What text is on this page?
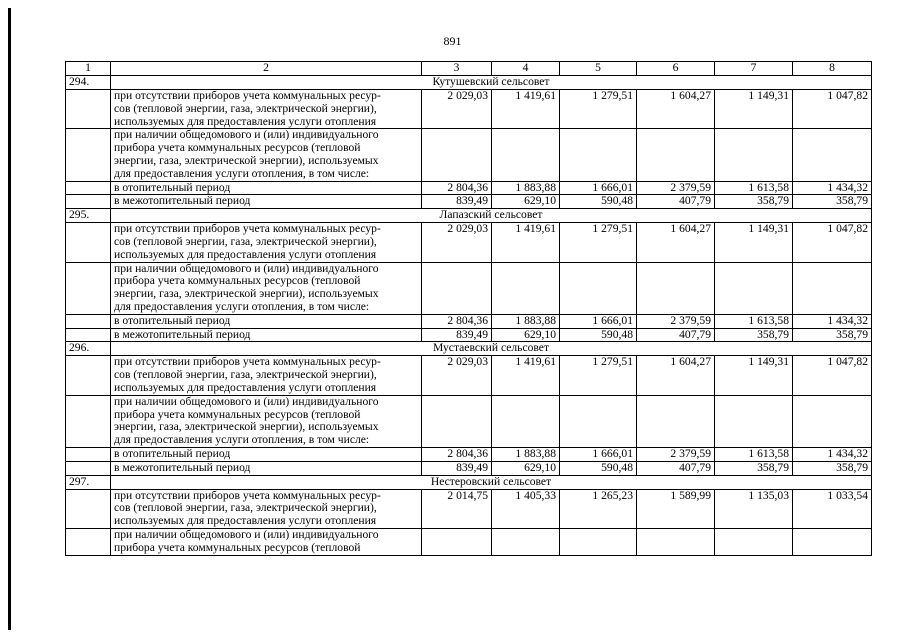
891
1	2	3	4	5	6	7	8
294.	Кутушевский сельсовет						

	при отсутствии приборов учета коммунальных ресур-
сов (тепловой энергии, газа, электрической энергии),
используемых для предоставления услуги отопления	2 029,03	1 419,61	1 279,51	1 604,27	1 149,31	1 047,82

	при наличии общедомового и (или) индивидуального
прибора учета коммунальных ресурсов (тепловой
энергии, газа, электрической энергии), используемых
для предоставления услуги отопления, в том числе:						

	в отопительный период	2 804,36	1 883,88	1 666,01	2 379,59	1 613,58	1 434,32

	в межотопительный период	839,49	629,10	590,48	407,79	358,79	358,79
295.	Лапазский сельсовет						

	при отсутствии приборов учета коммунальных ресур-
сов (тепловой энергии, газа, электрической энергии),
используемых для предоставления услуги отопления	2 029,03	1 419,61	1 279,51	1 604,27	1 149,31	1 047,82

	при наличии общедомового и (или) индивидуального
прибора учета коммунальных ресурсов (тепловой
энергии, газа, электрической энергии), используемых
для предоставления услуги отопления, в том числе:						

	в отопительный период	2 804,36	1 883,88	1 666,01	2 379,59	1 613,58	1 434,32

	в межотопительный период	839,49	629,10	590,48	407,79	358,79	358,79
296.	Мустаевский сельсовет						

	при отсутствии приборов учета коммунальных ресур-
сов (тепловой энергии, газа, электрической энергии),
используемых для предоставления услуги отопления	2 029,03	1 419,61	1 279,51	1 604,27	1 149,31	1 047,82

	при наличии общедомового и (или) индивидуального
прибора учета коммунальных ресурсов (тепловой
энергии, газа, электрической энергии), используемых
для предоставления услуги отопления, в том числе:						

	в отопительный период	2 804,36	1 883,88	1 666,01	2 379,59	1 613,58	1 434,32

	в межотопительный период	839,49	629,10	590,48	407,79	358,79	358,79
297.	Нестеровский сельсовет						

	при отсутствии приборов учета коммунальных ресур-
сов (тепловой энергии, газа, электрической энергии),
используемых для предоставления услуги отопления	2 014,75	1 405,33	1 265,23	1 589,99	1 135,03	1 033,54

	при наличии общедомового и (или) индивидуального
прибора учета коммунальных ресурсов (тепловой						
